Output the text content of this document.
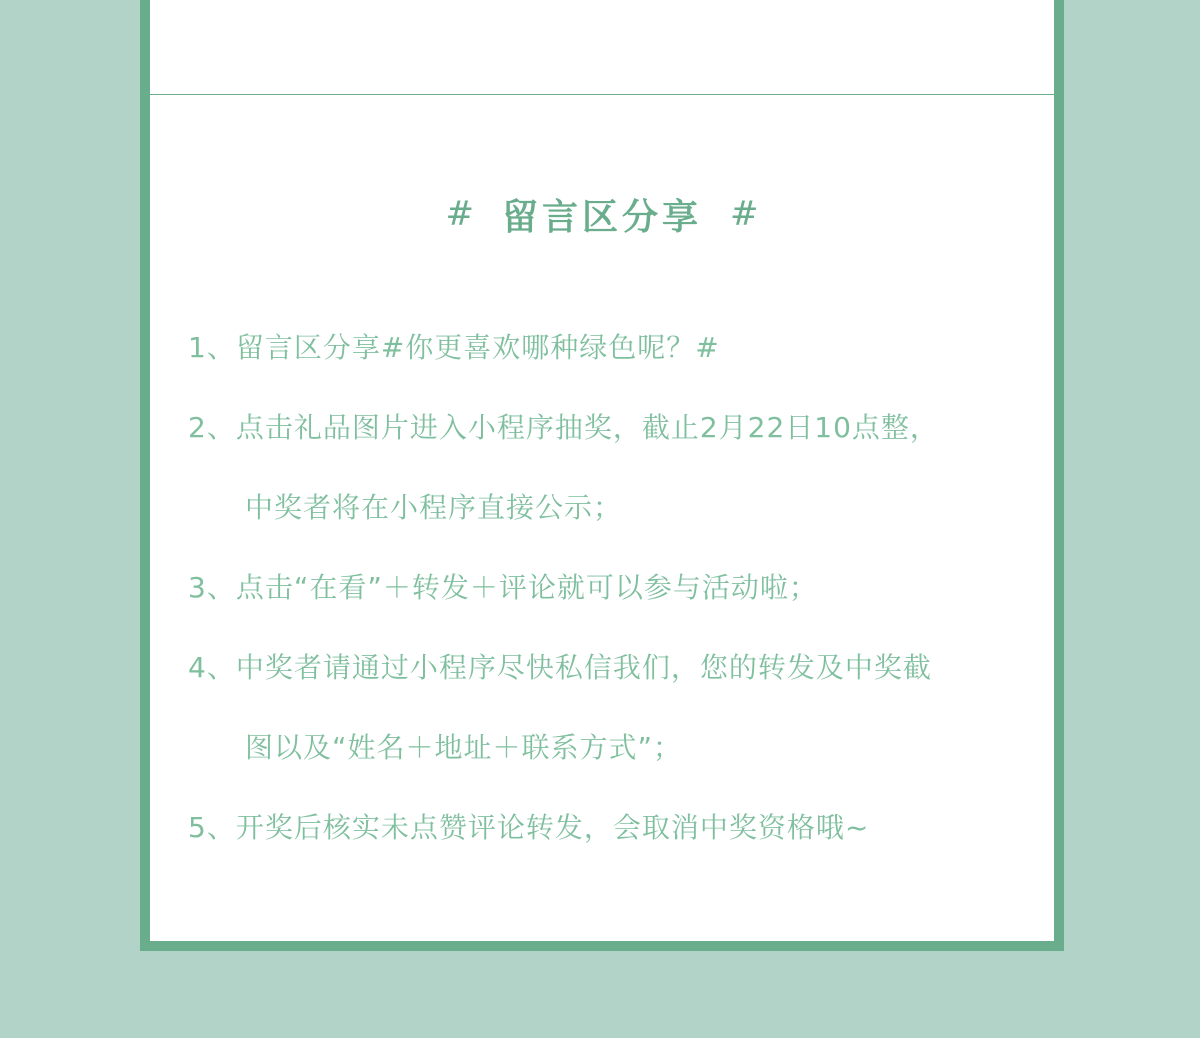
# 留言区分享 #
1、留言区分享#你更喜欢哪种绿色呢？#
2、点击礼品图片进入小程序抽奖，截止2月22日10点整，
中奖者将在小程序直接公示；
3、点击“在看”＋转发＋评论就可以参与活动啦；
4、中奖者请通过小程序尽快私信我们，您的转发及中奖截
图以及“姓名＋地址＋联系方式”；
5、开奖后核实未点赞评论转发，会取消中奖资格哦~
